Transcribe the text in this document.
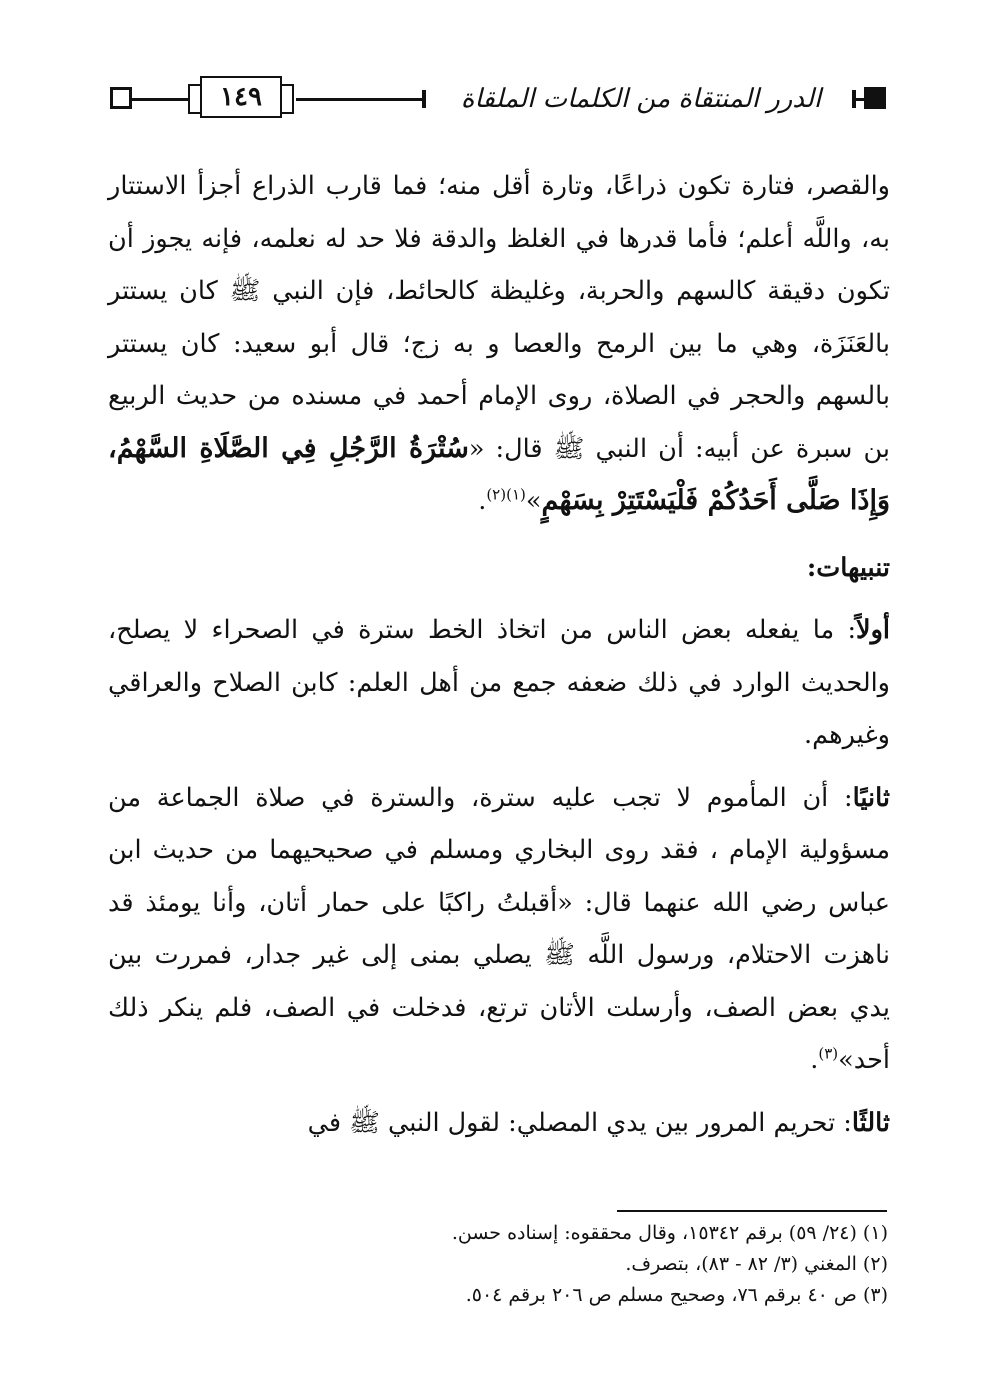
١٤٩	الدرر المنتقاة من الكلمات الملقاة

والقصر، فتارة تكون ذراعًا، وتارة أقل منه؛ فما قارب الذراع أجزأ الاستتار به، واللَّه أعلم؛ فأما قدرها في الغلظ والدقة فلا حد له نعلمه، فإنه يجوز أن تكون دقيقة كالسهم والحربة، وغليظة كالحائط، فإن النبي ﷺ كان يستتر بالعَنَزَة، وهي ما بين الرمح والعصا و به زج؛ قال أبو سعيد: كان يستتر بالسهم والحجر في الصلاة، روى الإمام أحمد في مسنده من حديث الربيع بن سبرة عن أبيه: أن النبي ﷺ قال: «سُتْرَةُ الرَّجُلِ فِي الصَّلَاةِ السَّهْمُ، وَإِذَا صَلَّى أَحَدُكُمْ فَلْيَسْتَتِرْ بِسَهْمٍ»$^{(١)(٢)}$.

تنبيهات:

أولاً: ما يفعله بعض الناس من اتخاذ الخط سترة في الصحراء لا يصلح، والحديث الوارد في ذلك ضعفه جمع من أهل العلم: كابن الصلاح والعراقي وغيرهم.

ثانيًا: أن المأموم لا تجب عليه سترة، والسترة في صلاة الجماعة من مسؤولية الإمام ، فقد روى البخاري ومسلم في صحيحيهما من حديث ابن عباس رضي الله عنهما قال: «أقبلتُ راكبًا على حمار أتان، وأنا يومئذ قد ناهزت الاحتلام، ورسول اللَّه ﷺ يصلي بمنى إلى غير جدار، فمررت بين يدي بعض الصف، وأرسلت الأتان ترتع، فدخلت في الصف، فلم ينكر ذلك أحد»$^{(٣)}$.

ثالثًا: تحريم المرور بين يدي المصلي: لقول النبي ﷺ في

(١) (٢٤/ ٥٩) برقم ١٥٣٤٢، وقال محققوه: إسناده حسن.
(٢) المغني (٣/ ٨٢ - ٨٣)، بتصرف.
(٣) ص ٤٠ برقم ٧٦، وصحيح مسلم ص ٢٠٦ برقم ٥٠٤.
